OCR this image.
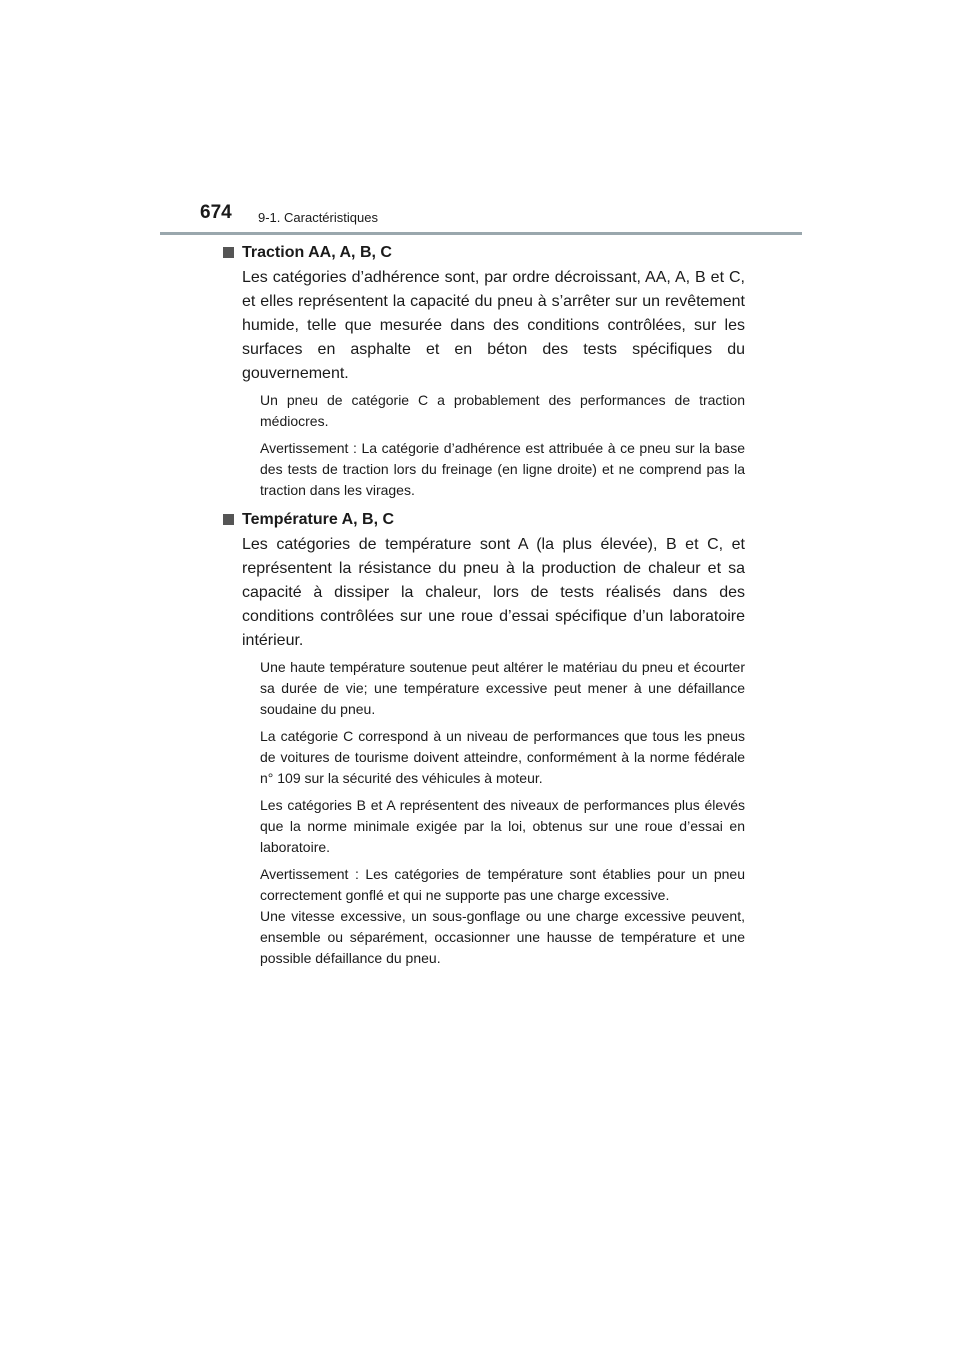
674 9-1. Caractéristiques
Traction AA, A, B, C

Les catégories d’adhérence sont, par ordre décroissant, AA, A, B et C, et elles représentent la capacité du pneu à s’arrêter sur un revêtement humide, telle que mesurée dans des conditions contrôlées, sur les surfaces en asphalte et en béton des tests spécifiques du gouvernement.

Un pneu de catégorie C a probablement des performances de traction médiocres.

Avertissement : La catégorie d’adhérence est attribuée à ce pneu sur la base des tests de traction lors du freinage (en ligne droite) et ne comprend pas la traction dans les virages.

Température A, B, C

Les catégories de température sont A (la plus élevée), B et C, et représentent la résistance du pneu à la production de chaleur et sa capacité à dissiper la chaleur, lors de tests réalisés dans des conditions contrôlées sur une roue d’essai spécifique d’un laboratoire intérieur.

Une haute température soutenue peut altérer le matériau du pneu et écourter sa durée de vie; une température excessive peut mener à une défaillance soudaine du pneu.

La catégorie C correspond à un niveau de performances que tous les pneus de voitures de tourisme doivent atteindre, conformément à la norme fédérale n° 109 sur la sécurité des véhicules à moteur.

Les catégories B et A représentent des niveaux de performances plus élevés que la norme minimale exigée par la loi, obtenus sur une roue d’essai en laboratoire.

Avertissement : Les catégories de température sont établies pour un pneu correctement gonflé et qui ne supporte pas une charge excessive.

Une vitesse excessive, un sous-gonflage ou une charge excessive peuvent, ensemble ou séparément, occasionner une hausse de température et une possible défaillance du pneu.
